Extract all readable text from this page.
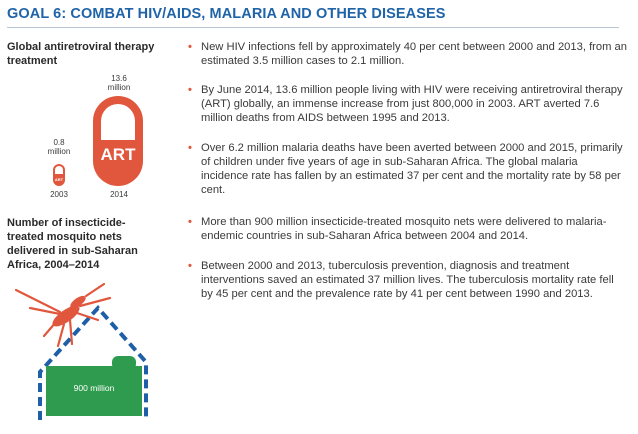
GOAL 6: COMBAT HIV/AIDS, MALARIA AND OTHER DISEASES
Global antiretroviral therapy
treatment
13.6
million
0.8
million ART
ART
2003	2014
Number of insecticide-
treated mosquito nets
delivered in sub-Saharan
Africa, 2004–2014
900 million
• New HIV infections fell by approximately 40 per cent between 2000 and 2013, from an estimated 3.5 million cases to 2.1 million.
• By June 2014, 13.6 million people living with HIV were receiving antiretroviral therapy (ART) globally, an immense increase from just 800,000 in 2003. ART averted 7.6 million deaths from AIDS between 1995 and 2013.
• Over 6.2 million malaria deaths have been averted between 2000 and 2015, primarily of children under five years of age in sub-Saharan Africa. The global malaria incidence rate has fallen by an estimated 37 per cent and the mortality rate by 58 per cent.
• More than 900 million insecticide-treated mosquito nets were delivered to malaria-endemic countries in sub-Saharan Africa between 2004 and 2014.
• Between 2000 and 2013, tuberculosis prevention, diagnosis and treatment interventions saved an estimated 37 million lives. The tuberculosis mortality rate fell by 45 per cent and the prevalence rate by 41 per cent between 1990 and 2013.
